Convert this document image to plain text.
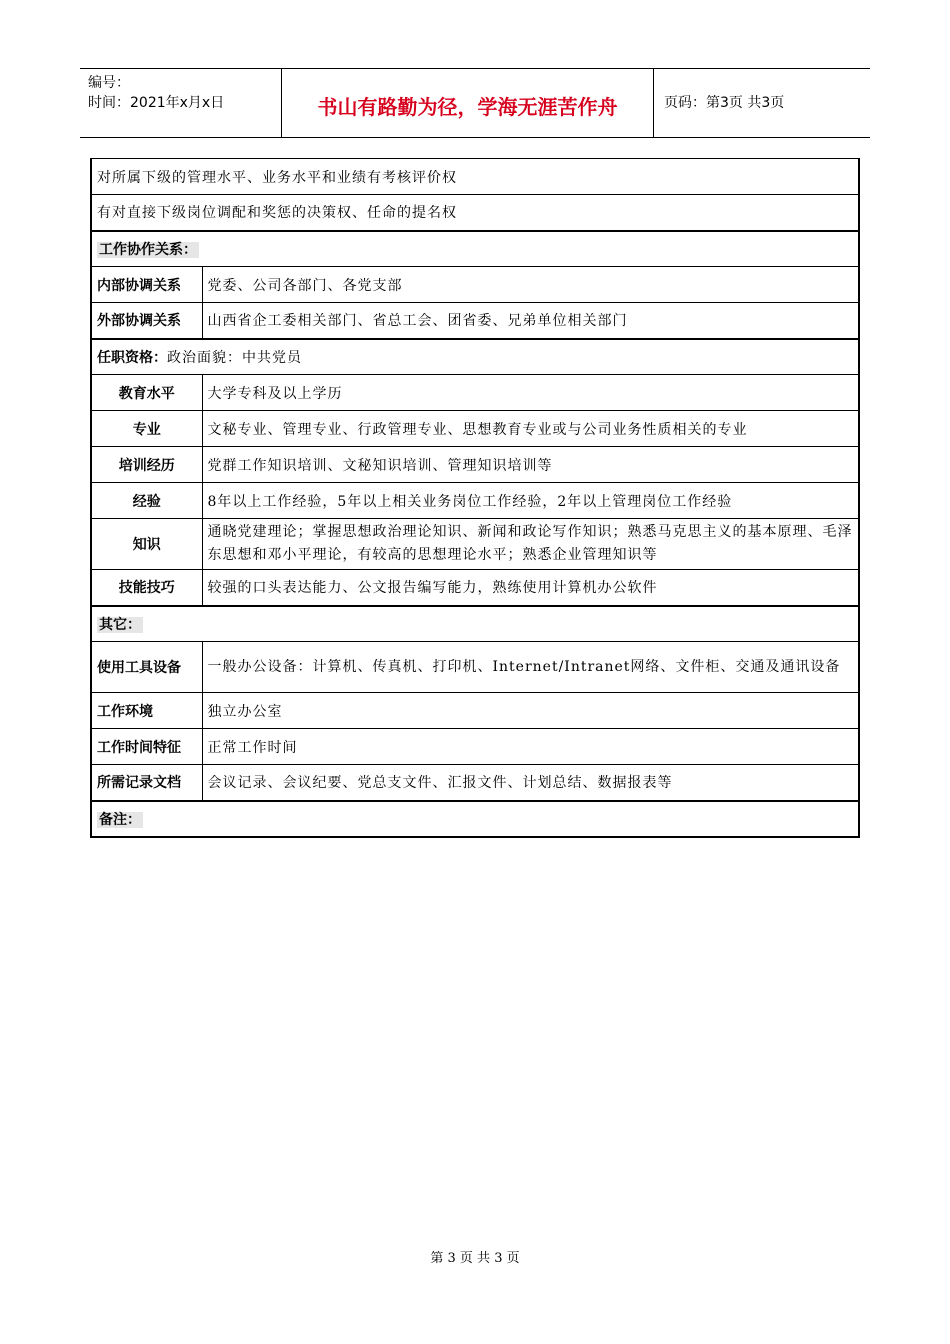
编号：
时间：2021年x月x日	书山有路勤为径，学海无涯苦作舟	页码：第3页 共3页
对所属下级的管理水平、业务水平和业绩有考核评价权	
有对直接下级岗位调配和奖惩的决策权、任命的提名权	
工作协作关系：	
内部协调关系	党委、公司各部门、各党支部
外部协调关系	山西省企工委相关部门、省总工会、团省委、兄弟单位相关部门
任职资格：政治面貌：中共党员	
教育水平	大学专科及以上学历
专业	文秘专业、管理专业、行政管理专业、思想教育专业或与公司业务性质相关的专业
培训经历	党群工作知识培训、文秘知识培训、管理知识培训等
经验	8年以上工作经验，5年以上相关业务岗位工作经验，2年以上管理岗位工作经验
知识	通晓党建理论；掌握思想政治理论知识、新闻和政论写作知识；熟悉马克思主义的基本原理、毛泽东思想和邓小平理论，有较高的思想理论水平；熟悉企业管理知识等
技能技巧	较强的口头表达能力、公文报告编写能力，熟练使用计算机办公软件
其它：	
使用工具设备	一般办公设备：计算机、传真机、打印机、Internet/Intranet网络、文件柜、交通及通讯设备
工作环境	独立办公室
工作时间特征	正常工作时间
所需记录文档	会议记录、会议纪要、党总支文件、汇报文件、计划总结、数据报表等
备注：	
第 3 页 共 3 页
